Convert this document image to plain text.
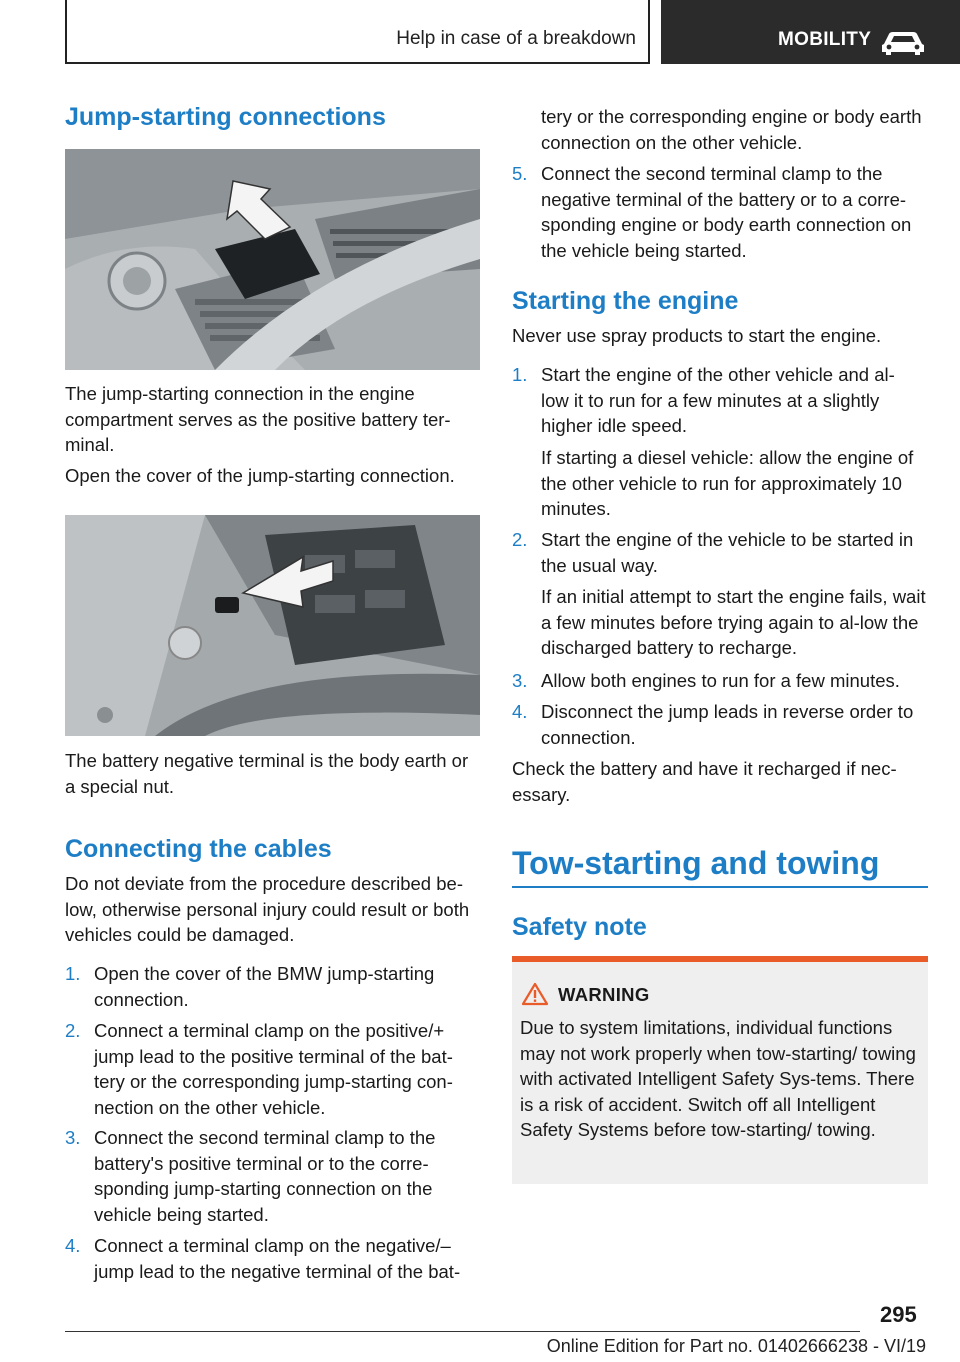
Help in case of a breakdown	MOBILITY
Jump-starting connections

The jump-starting connection in the engine compartment serves as the positive battery ter-minal.

Open the cover of the jump-starting connection.

The battery negative terminal is the body earth or a special nut.

Connecting the cables

Do not deviate from the procedure described be-low, otherwise personal injury could result or both vehicles could be damaged.

1. Open the cover of the BMW jump-starting connection.
2. Connect a terminal clamp on the positive/+ jump lead to the positive terminal of the bat-tery or the corresponding jump-starting con-nection on the other vehicle.
3. Connect the second terminal clamp to the battery's positive terminal or to the corre-sponding jump-starting connection on the vehicle being started.
4. Connect a terminal clamp on the negative/– jump lead to the negative terminal of the bat-
tery or the corresponding engine or body earth connection on the other vehicle.
5. Connect the second terminal clamp to the negative terminal of the battery or to a corre-sponding engine or body earth connection on the vehicle being started.
Starting the engine

Never use spray products to start the engine.

1. Start the engine of the other vehicle and al-low it to run for a few minutes at a slightly higher idle speed.
If starting a diesel vehicle: allow the engine of the other vehicle to run for approximately 10 minutes.
2. Start the engine of the vehicle to be started in the usual way.
If an initial attempt to start the engine fails, wait a few minutes before trying again to al-low the discharged battery to recharge.
3. Allow both engines to run for a few minutes.
4. Disconnect the jump leads in reverse order to connection.

Check the battery and have it recharged if nec-essary.

Tow-starting and towing
Safety note
WARNING
Due to system limitations, individual functions may not work properly when tow-starting/ towing with activated Intelligent Safety Sys-tems. There is a risk of accident. Switch off all Intelligent Safety Systems before tow-starting/ towing.
295
Online Edition for Part no. 01402666238 - VI/19
